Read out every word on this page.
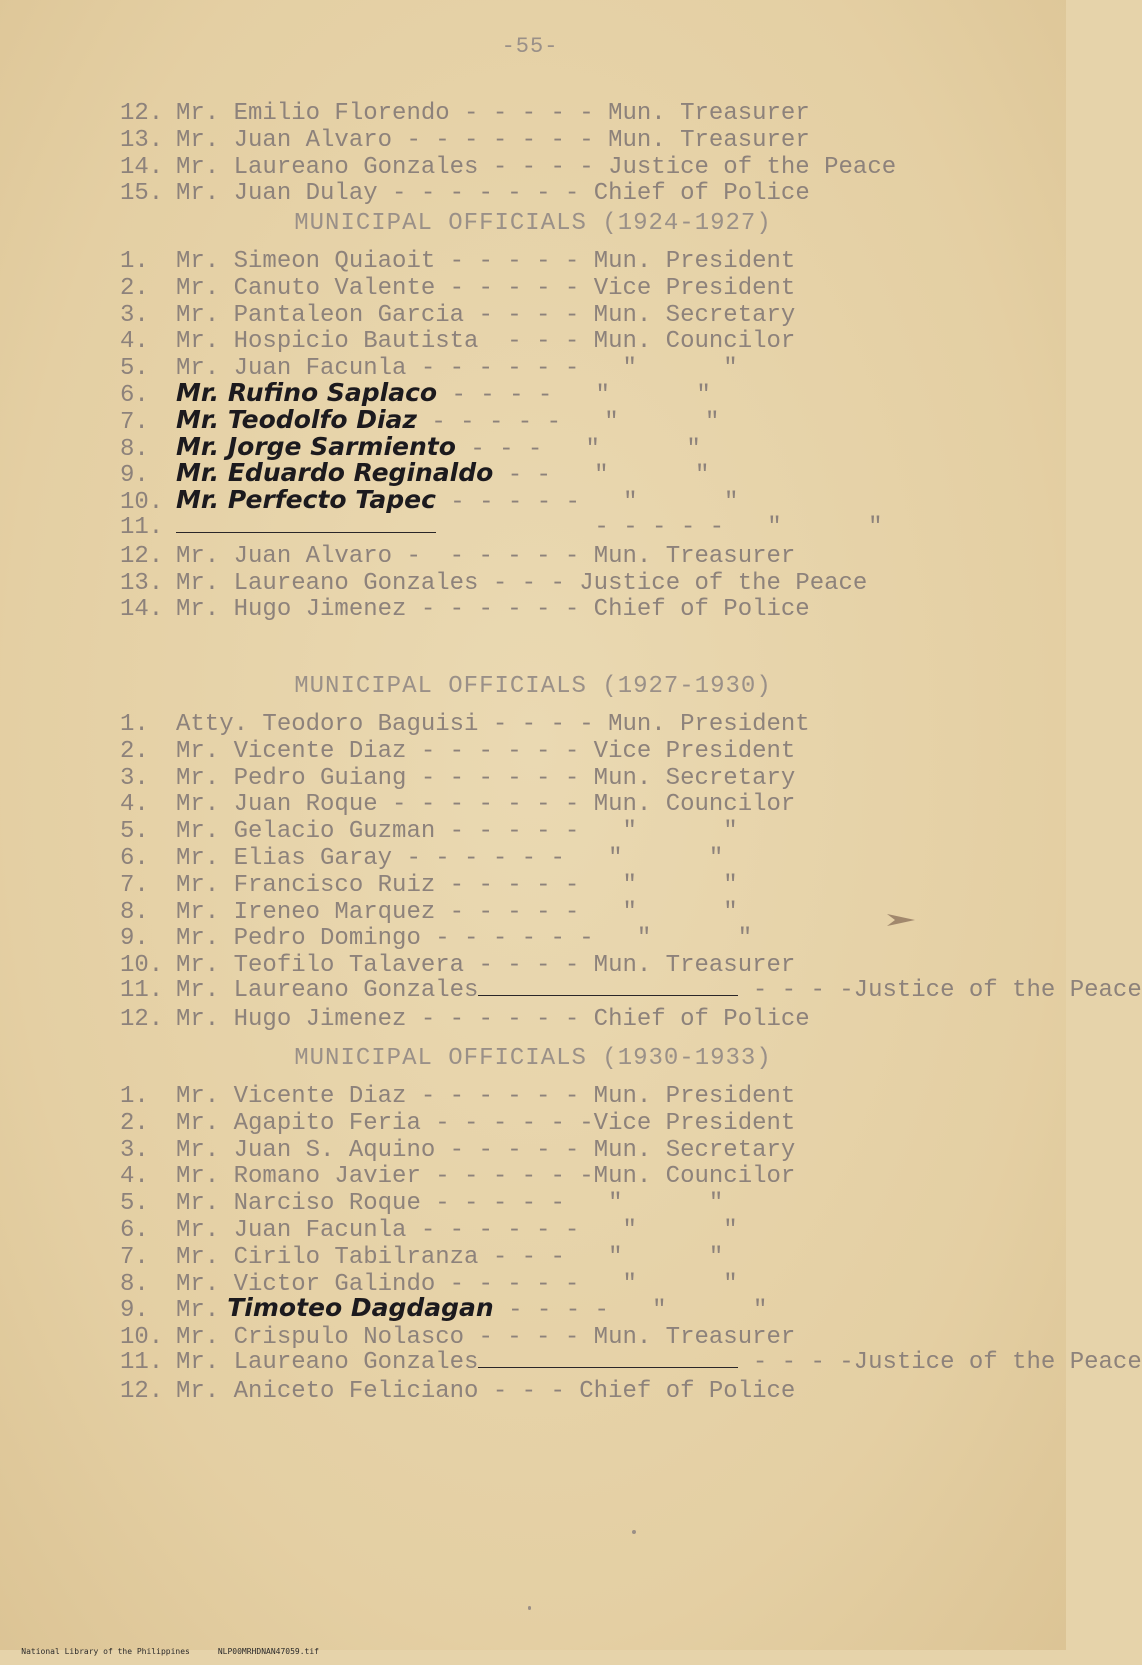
-55-
12. Mr. Emilio Florendo - - - - - Mun. Treasurer
13. Mr. Juan Alvaro - - - - - - - Mun. Treasurer
14. Mr. Laureano Gonzales - - - - Justice of the Peace
15. Mr. Juan Dulay - - - - - - - Chief of Police
MUNICIPAL OFFICIALS (1924-1927)
1. Mr. Simeon Quiaoit - - - - - Mun. President
2. Mr. Canuto Valente - - - - - Vice President
3. Mr. Pantaleon Garcia - - - - Mun. Secretary
4. Mr. Hospicio Bautista  - - - Mun. Councilor
5. Mr. Juan Facunla - - - - - -   "      "
6. Mr. Rufino Saplaco - - - -   "      "
7. Mr. Teodolfo Diaz - - - - -   "      "
8. Mr. Jorge Sarmiento - - -   "      "
9. Mr. Eduardo Reginaldo - -   "      "
10. Mr. Perfecto Tapec - - - - -   "      "
11.	- - - - -   "      "
12. Mr. Juan Alvaro -  - - - - - Mun. Treasurer
13. Mr. Laureano Gonzales - - - Justice of the Peace
14. Mr. Hugo Jimenez - - - - - - Chief of Police
MUNICIPAL OFFICIALS (1927-1930)
1. Atty. Teodoro Baguisi - - - - Mun. President
2. Mr. Vicente Diaz - - - - - - Vice President
3. Mr. Pedro Guiang - - - - - - Mun. Secretary
4. Mr. Juan Roque - - - - - - - Mun. Councilor
5. Mr. Gelacio Guzman - - - - -   "      "
6. Mr. Elias Garay - - - - - -   "      "
7. Mr. Francisco Ruiz - - - - -   "      "
8. Mr. Ireneo Marquez - - - - -   "      "
9. Mr. Pedro Domingo - - - - - -   "      "
10. Mr. Teofilo Talavera - - - - Mun. Treasurer
11. Mr. Laureano Gonzales	- - - -Justice of the Peace
12. Mr. Hugo Jimenez - - - - - - Chief of Police
MUNICIPAL OFFICIALS (1930-1933)
1. Mr. Vicente Diaz - - - - - - Mun. President
2. Mr. Agapito Feria - - - - - -Vice President
3. Mr. Juan S. Aquino - - - - - Mun. Secretary
4. Mr. Romano Javier - - - - - -Mun. Councilor
5. Mr. Narciso Roque - - - - -   "      "
6. Mr. Juan Facunla - - - - - -   "      "
7. Mr. Cirilo Tabilranza - - -   "      "
8. Mr. Victor Galindo - - - - -   "      "
9. Mr. Timoteo Dagdagan - - - -   "      "
10. Mr. Crispulo Nolasco - - - - Mun. Treasurer
11. Mr. Laureano Gonzales	- - - -Justice of the Peace
12. Mr. Aniceto Feliciano - - - Chief of Police

National Library of the Philippines	NLP00MRHDNAN47059.tif
